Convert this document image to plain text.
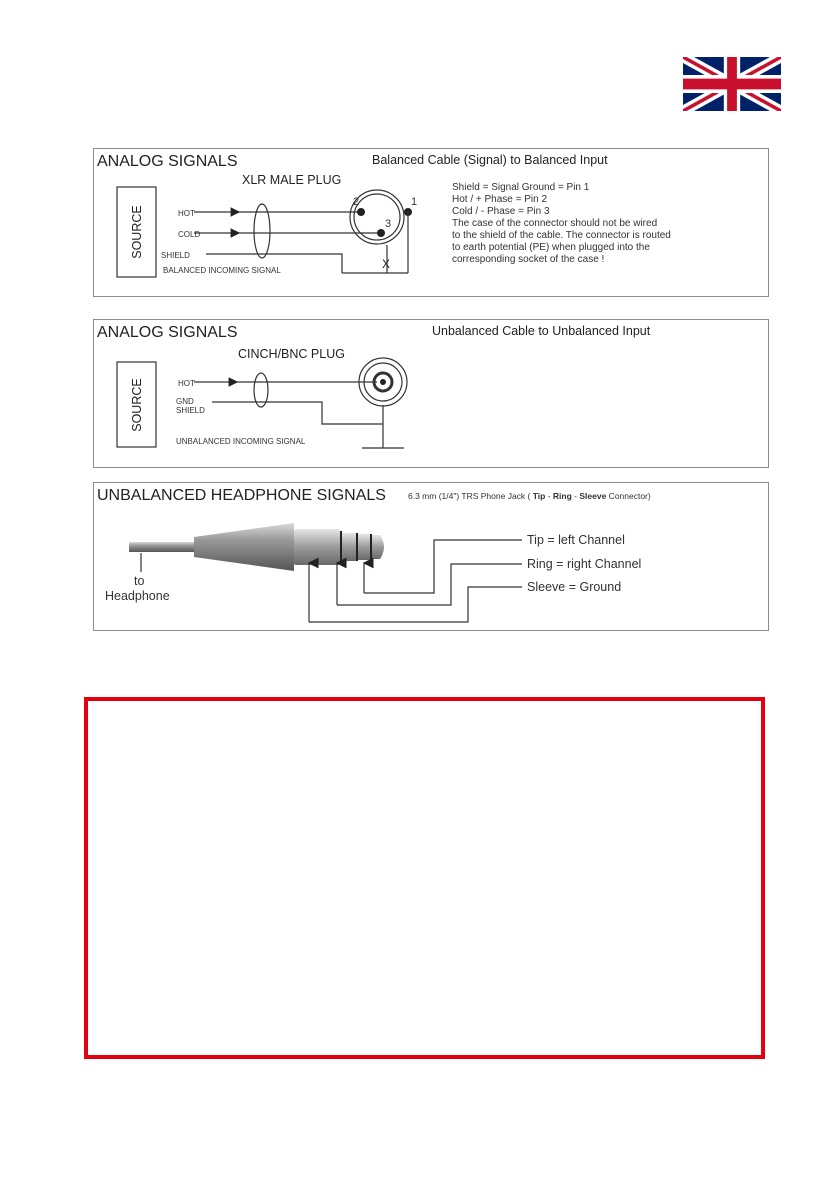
ANALOG SIGNALS	Balanced Cable (Signal) to Balanced Input
XLR MALE PLUG
SOURCE	HOT
COLD
SHIELD
BALANCED INCOMING SIGNAL
2	1
3
X
Shield = Signal Ground = Pin 1
Hot / + Phase = Pin 2
Cold / - Phase = Pin 3
The case of the connector should not be wired
to the shield of the cable. The connector is routed
to earth potential (PE) when plugged into the
corresponding socket of the case !
ANALOG SIGNALS	Unbalanced Cable to Unbalanced Input
CINCH/BNC PLUG
SOURCE	HOT
GND
SHIELD
UNBALANCED INCOMING SIGNAL
UNBALANCED HEADPHONE SIGNALS	6.3 mm (1/4") TRS Phone Jack ( Tip - Ring - Sleeve Connector)
to
Headphone
Tip = left Channel
Ring = right Channel
Sleeve = Ground
